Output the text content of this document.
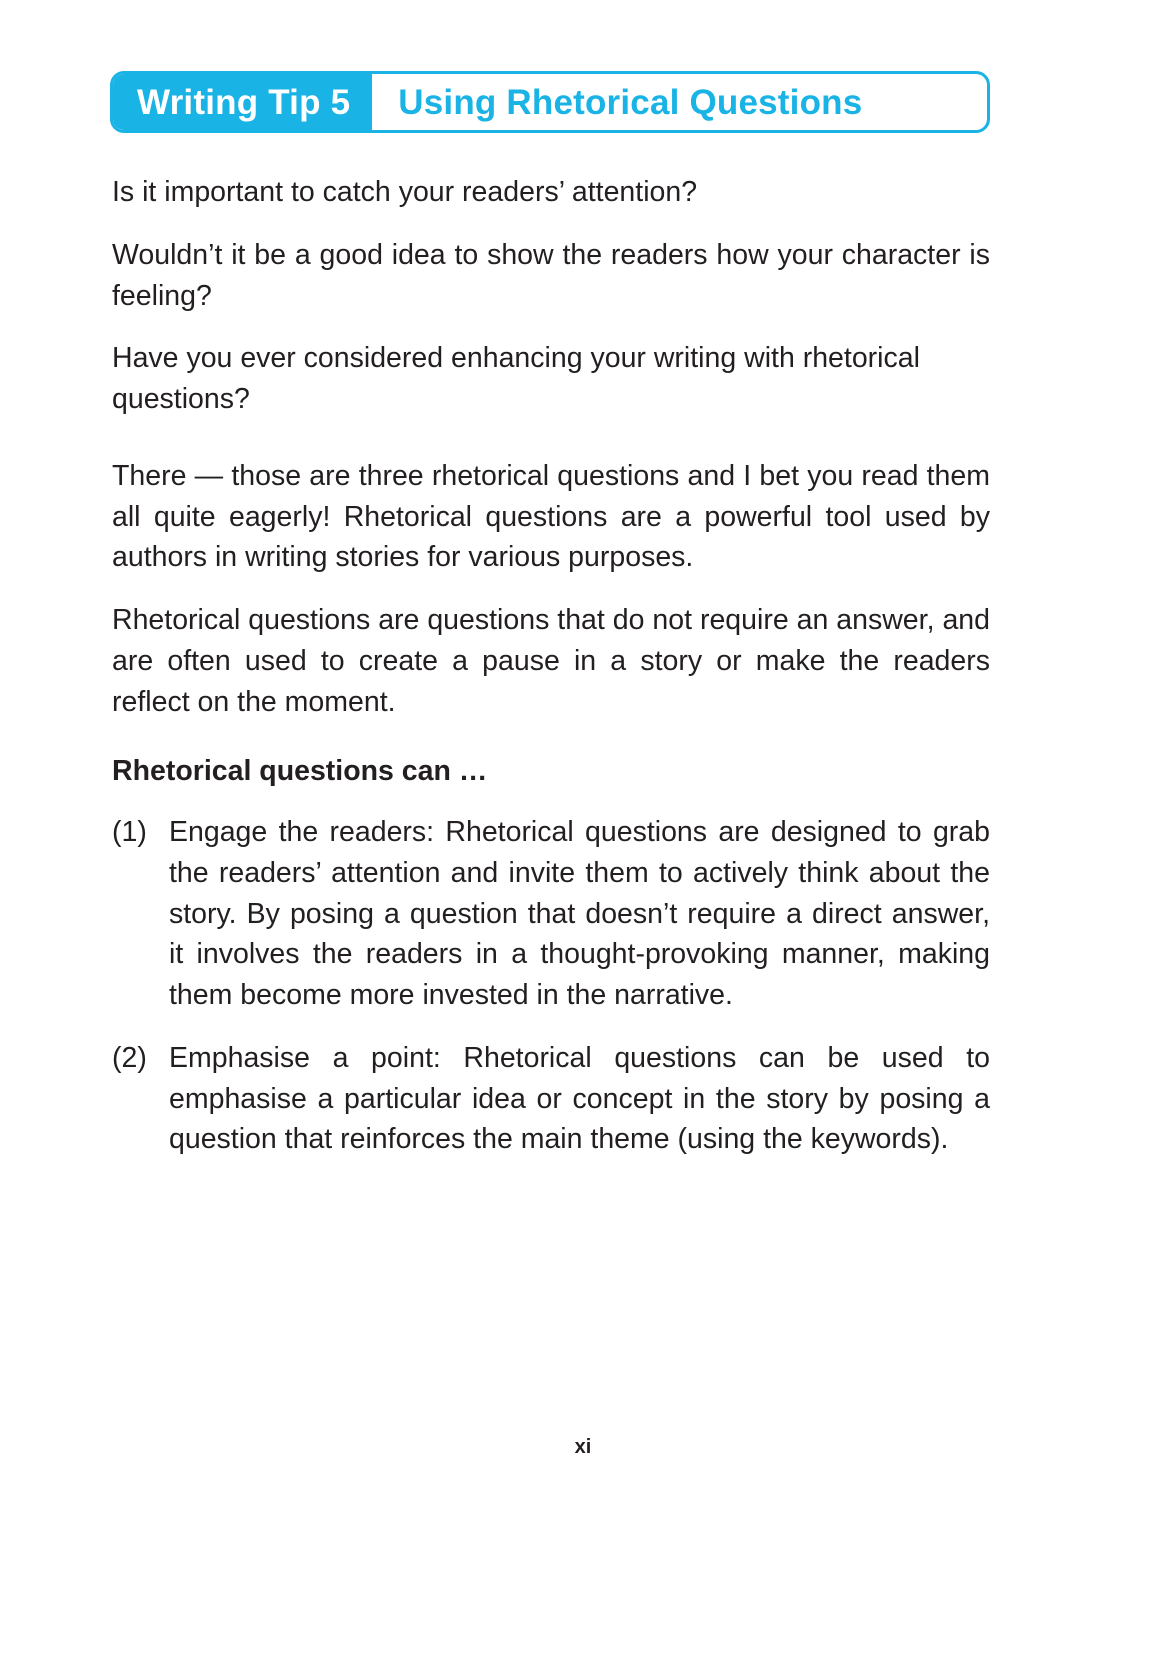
Writing Tip 5	Using Rhetorical Questions

Is it important to catch your readers’ attention?

Wouldn’t it be a good idea to show the readers how your character is feeling?

Have you ever considered enhancing your writing with rhetorical questions?

There — those are three rhetorical questions and I bet you read them all quite eagerly! Rhetorical questions are a powerful tool used by authors in writing stories for various purposes.

Rhetorical questions are questions that do not require an answer, and are often used to create a pause in a story or make the readers reflect on the moment.

Rhetorical questions can …
(1) Engage the readers: Rhetorical questions are designed to grab the readers’ attention and invite them to actively think about the story. By posing a question that doesn’t require a direct answer, it involves the readers in a thought-provoking manner, making them become more invested in the narrative.
(2) Emphasise a point: Rhetorical questions can be used to emphasise a particular idea or concept in the story by posing a question that reinforces the main theme (using the keywords).
xi
